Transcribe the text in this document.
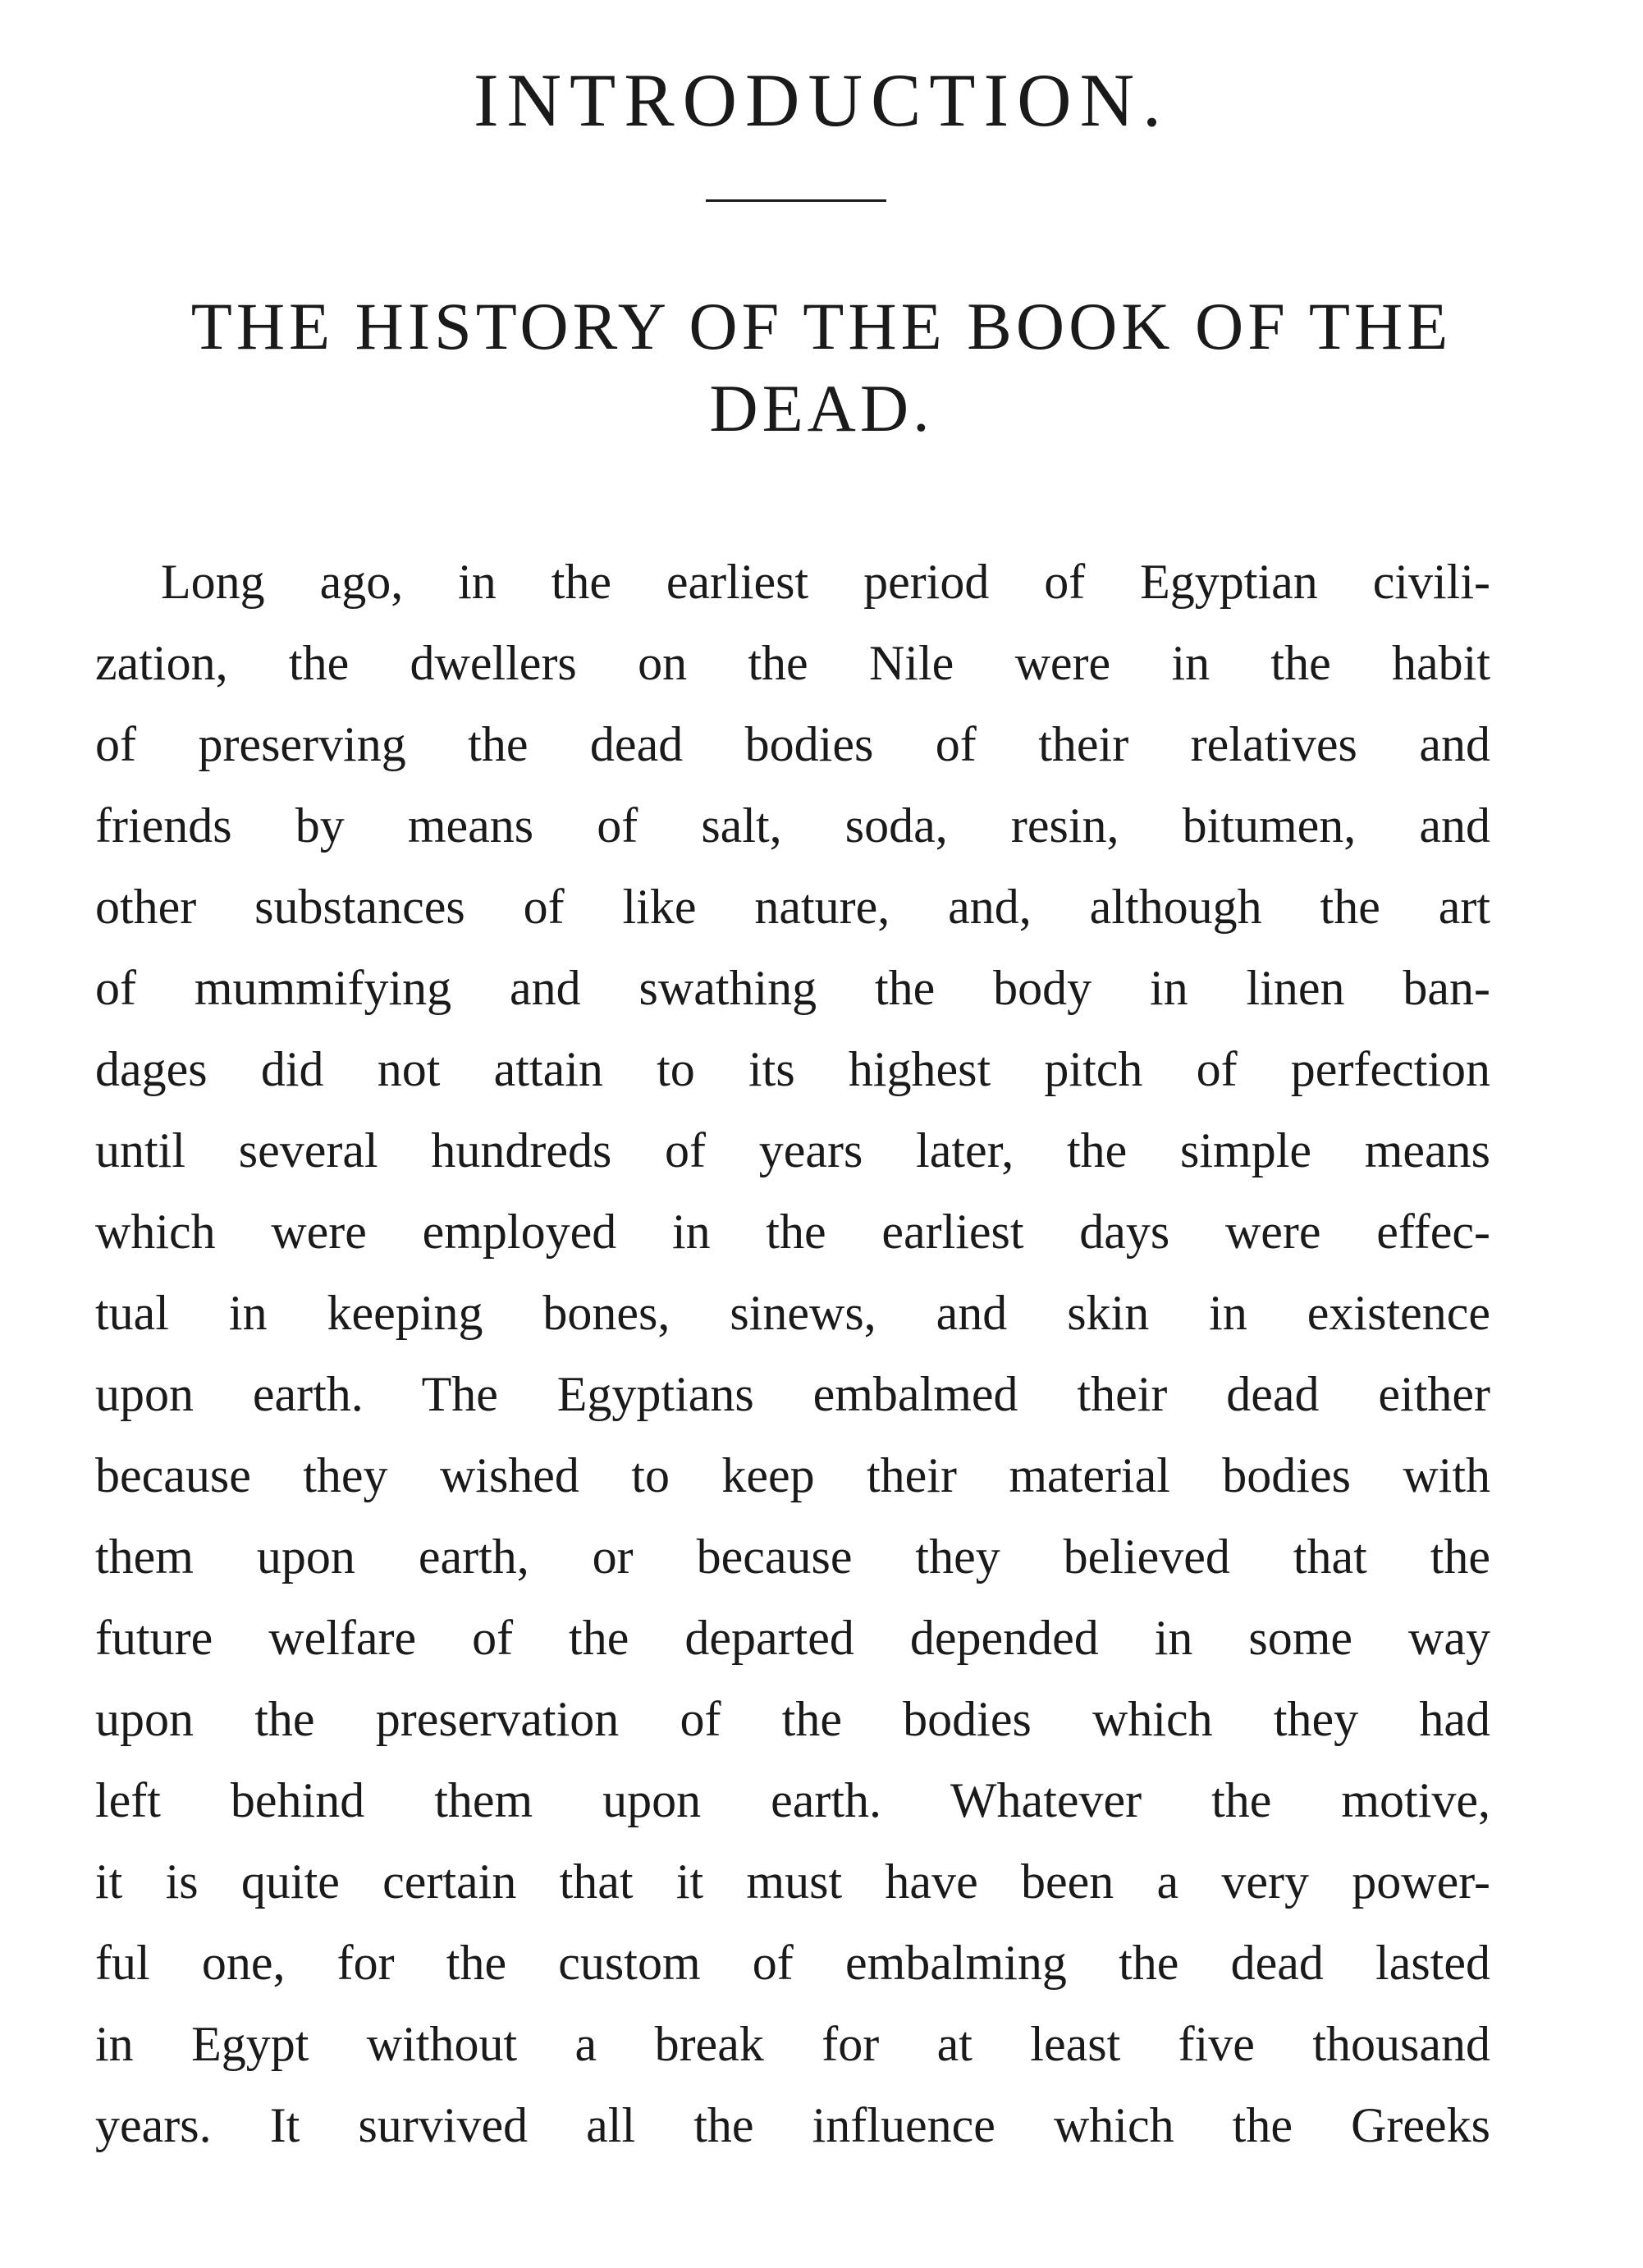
INTRODUCTION.
THE HISTORY OF THE BOOK OF THE
DEAD.
Long ago, in the earliest period of Egyptian civili-
zation, the dwellers on the Nile were in the habit
of preserving the dead bodies of their relatives and
friends by means of salt, soda, resin, bitumen, and
other substances of like nature, and, although the art
of mummifying and swathing the body in linen ban-
dages did not attain to its highest pitch of perfection
until several hundreds of years later, the simple means
which were employed in the earliest days were effec-
tual in keeping bones, sinews, and skin in existence
upon earth. The Egyptians embalmed their dead either
because they wished to keep their material bodies with
them upon earth, or because they believed that the
future welfare of the departed depended in some way
upon the preservation of the bodies which they had
left behind them upon earth. Whatever the motive,
it is quite certain that it must have been a very power-
ful one, for the custom of embalming the dead lasted
in Egypt without a break for at least five thousand
years. It survived all the influence which the Greeks
